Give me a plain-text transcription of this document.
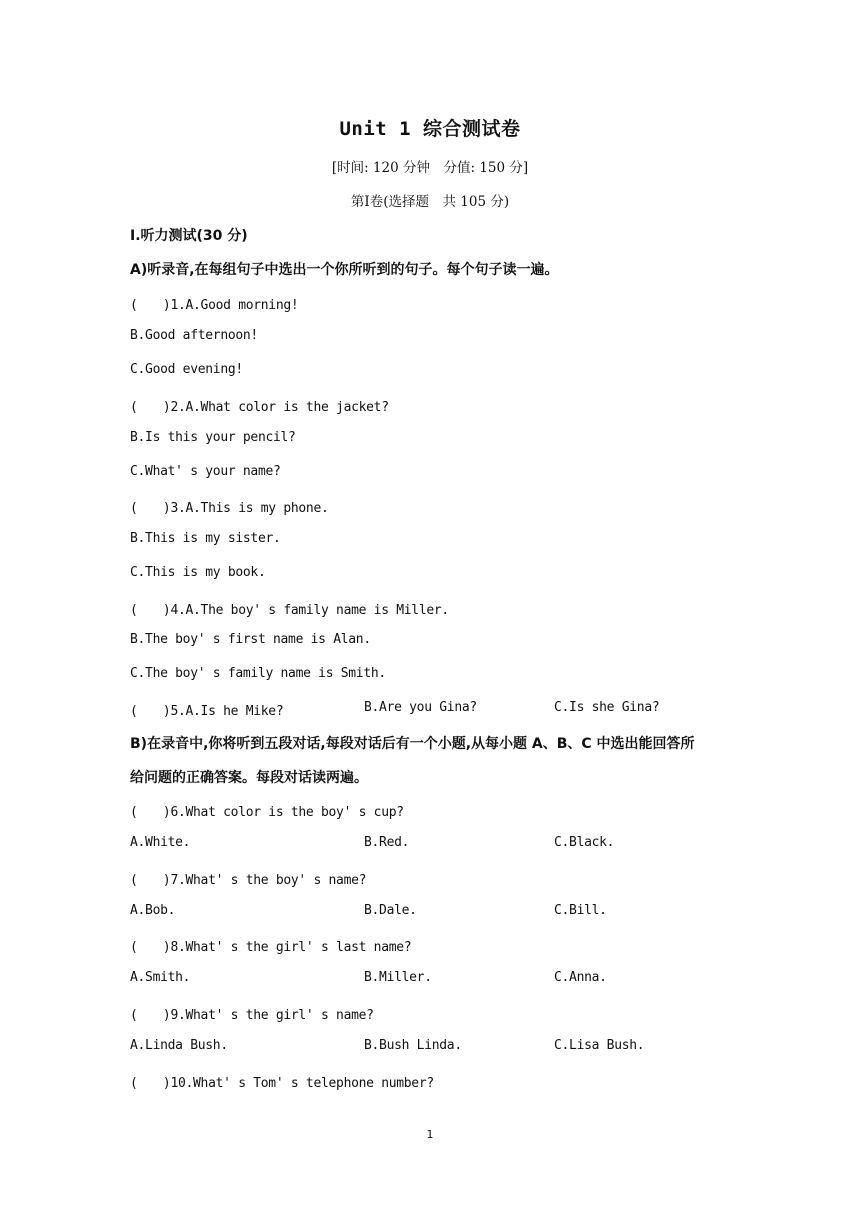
Unit 1 综合测试卷
[时间: 120 分钟　分值: 150 分]
第Ⅰ卷(选择题　共 105 分)
Ⅰ.听力测试(30 分)
A)听录音,在每组句子中选出一个你所听到的句子。每个句子读一遍。
(　　)1.A.Good morning!
B.Good afternoon!
C.Good evening!
(　　)2.A.What color is the jacket?
B.Is this your pencil?
C.What' s your name?
(　　)3.A.This is my phone.
B.This is my sister.
C.This is my book.
(　　)4.A.The boy' s family name is Miller.
B.The boy' s first name is Alan.
C.The boy' s family name is Smith.
(　　)5.A.Is he Mike?	B.Are you Gina?	C.Is she Gina?
B)在录音中,你将听到五段对话,每段对话后有一个小题,从每小题 A、B、C 中选出能回答所
给问题的正确答案。每段对话读两遍。
(　　)6.What color is the boy' s cup?
A.White.	B.Red.	C.Black.
(　　)7.What' s the boy' s name?
A.Bob.	B.Dale.	C.Bill.
(　　)8.What' s the girl' s last name?
A.Smith.	B.Miller.	C.Anna.
(　　)9.What' s the girl' s name?
A.Linda Bush.	B.Bush Linda.	C.Lisa Bush.
(　　)10.What' s Tom' s telephone number?
1
